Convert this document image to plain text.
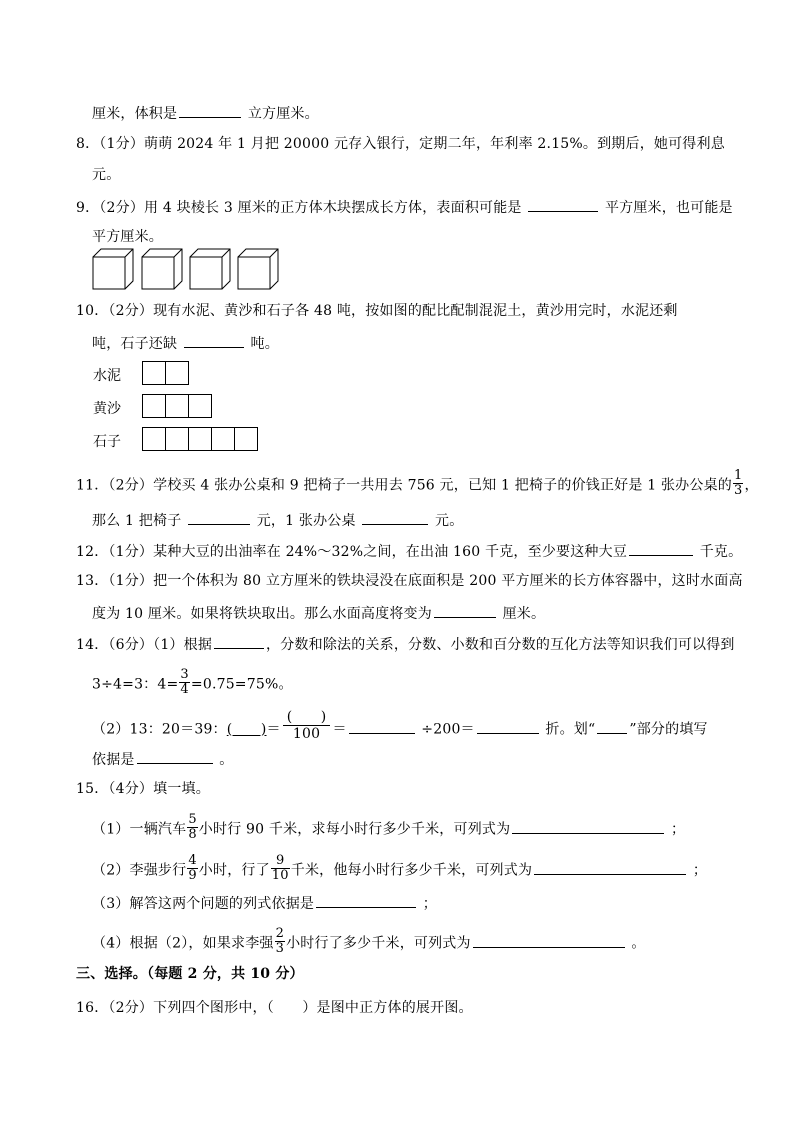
厘米，体积是	立方厘米。
8．（1分）萌萌 2024 年 1 月把 20000 元存入银行，定期二年，年利率 2.15%。到期后，她可得利息
元。
9．（2分）用 4 块棱长 3 厘米的正方体木块摆成长方体，表面积可能是	平方厘米，也可能是
平方厘米。
10．（2分）现有水泥、黄沙和石子各 48 吨，按如图的配比配制混泥土，黄沙用完时，水泥还剩
吨，石子还缺	吨。
水泥
黄沙
石子
11．（2分）学校买 4 张办公桌和 9 把椅子一共用去 756 元，已知 1 把椅子的价钱正好是 1 张办公桌的 $\frac{1}{3}$ ，
那么 1 把椅子	元，1 张办公桌	元。
12．（1分）某种大豆的出油率在 24%～32%之间，在出油 160 千克，至少要这种大豆	千克。
13．（1分）把一个体积为 80 立方厘米的铁块浸没在底面积是 200 平方厘米的长方体容器中，这时水面高
度为 10 厘米。如果将铁块取出。那么水面高度将变为	厘米。
14．（6分）（1）根据	，分数和除法的关系，分数、小数和百分数的互化方法等知识我们可以得到
3÷4=3：$4= \frac{3}{4} =0.75=75\%$。
（2）13：20＝39：(　　)＝ $\frac{( )}{100}$ ＝	÷200＝	折。划“ ”部分的填写
依据是	。
15．（4分）填一填。
（1）一辆汽车 $\frac{5}{8}$ 小时行 90 千米，求每小时行多少千米，可列式为	；
（2）李强步行 $\frac{4}{9}$ 小时，行了 $\frac{9}{10}$ 千米，他每小时行多少千米，可列式为	；
（3）解答这两个问题的列式依据是	；
（4）根据（2），如果求李强 $\frac{2}{3}$ 小时行了多少千米，可列式为	。
三、选择。（每题 2 分，共 10 分）
16．（2分）下列四个图形中，（　　）是图中正方体的展开图。
